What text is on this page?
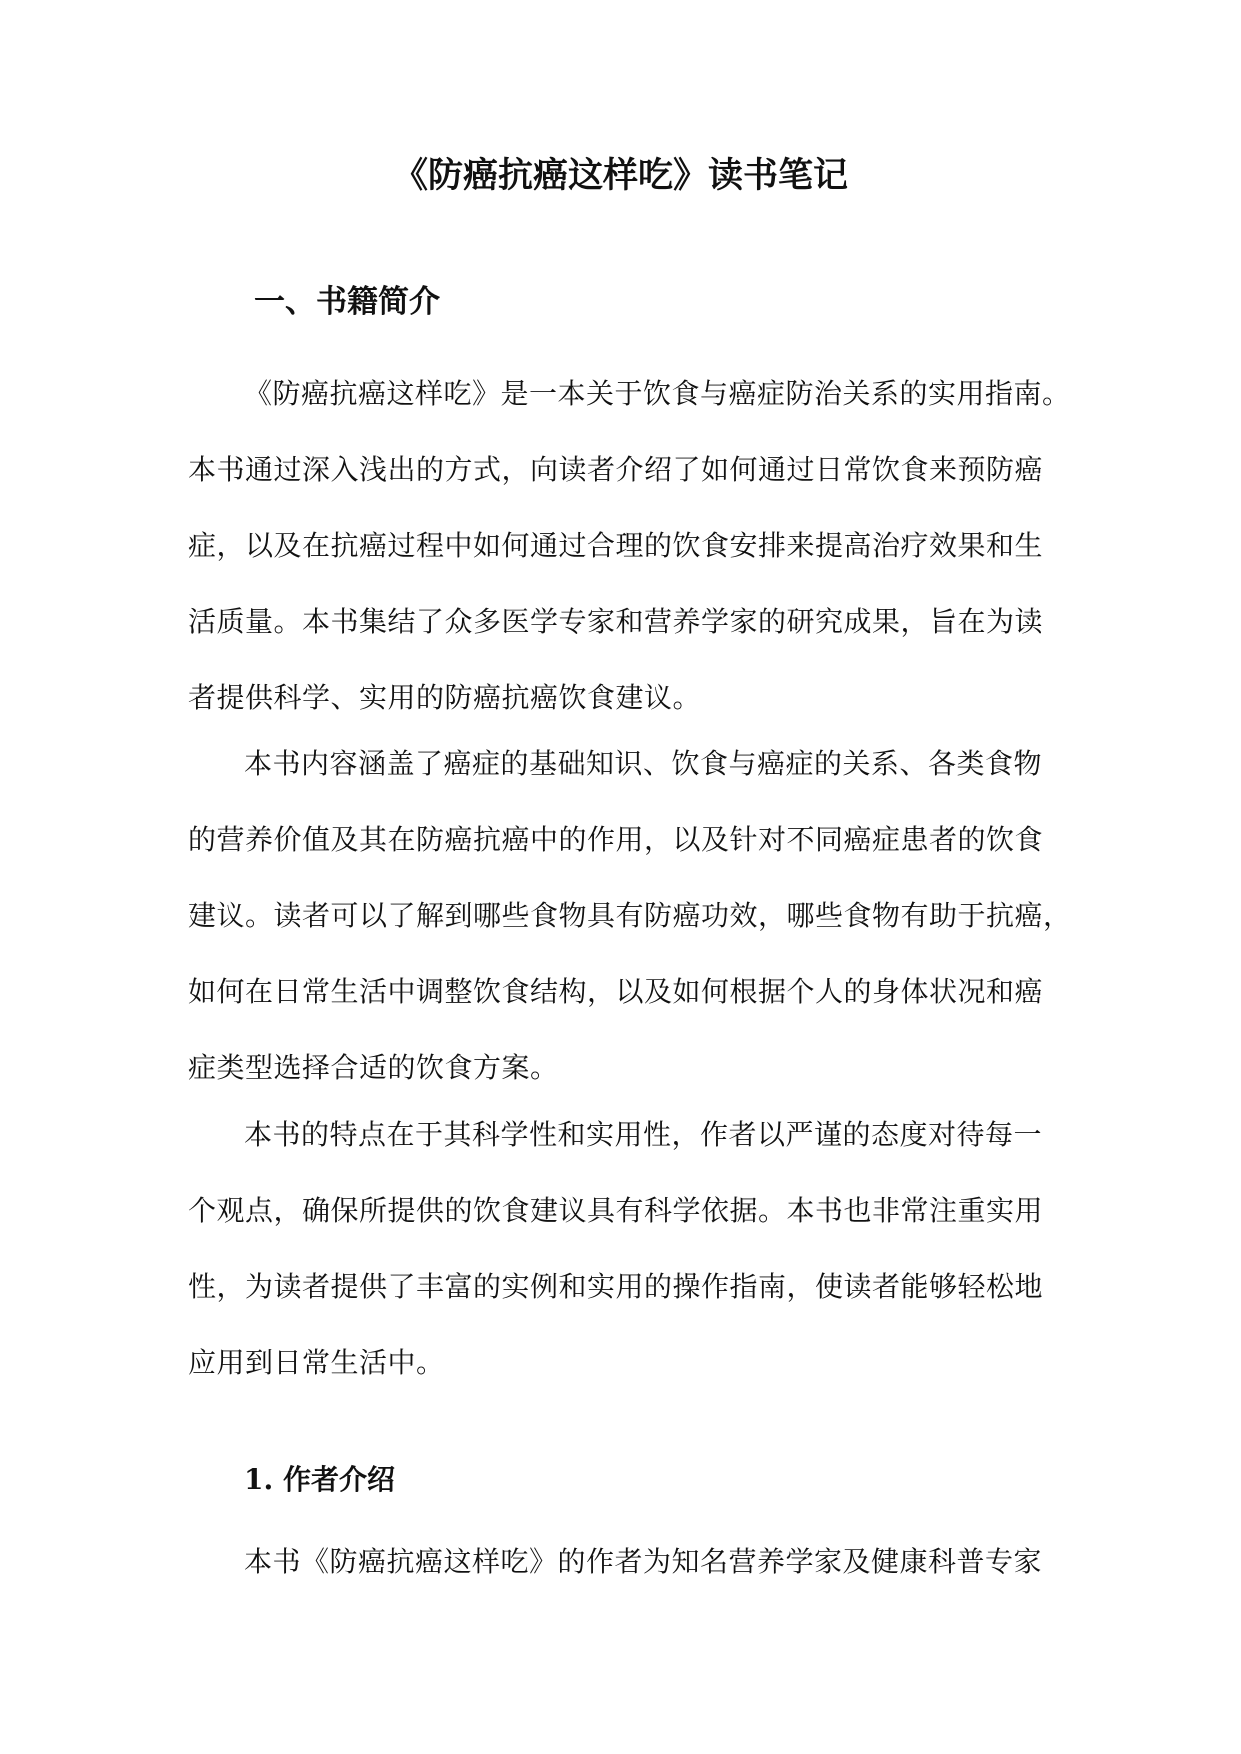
《防癌抗癌这样吃》读书笔记
一、书籍简介

《防癌抗癌这样吃》是一本关于饮食与癌症防治关系的实用指南。
本书通过深入浅出的方式，向读者介绍了如何通过日常饮食来预防癌
症，以及在抗癌过程中如何通过合理的饮食安排来提高治疗效果和生
活质量。本书集结了众多医学专家和营养学家的研究成果，旨在为读
者提供科学、实用的防癌抗癌饮食建议。

本书内容涵盖了癌症的基础知识、饮食与癌症的关系、各类食物
的营养价值及其在防癌抗癌中的作用，以及针对不同癌症患者的饮食
建议。读者可以了解到哪些食物具有防癌功效，哪些食物有助于抗癌，
如何在日常生活中调整饮食结构，以及如何根据个人的身体状况和癌
症类型选择合适的饮食方案。

本书的特点在于其科学性和实用性，作者以严谨的态度对待每一
个观点，确保所提供的饮食建议具有科学依据。本书也非常注重实用
性，为读者提供了丰富的实例和实用的操作指南，使读者能够轻松地
应用到日常生活中。

1. 作者介绍

本书《防癌抗癌这样吃》的作者为知名营养学家及健康科普专家
